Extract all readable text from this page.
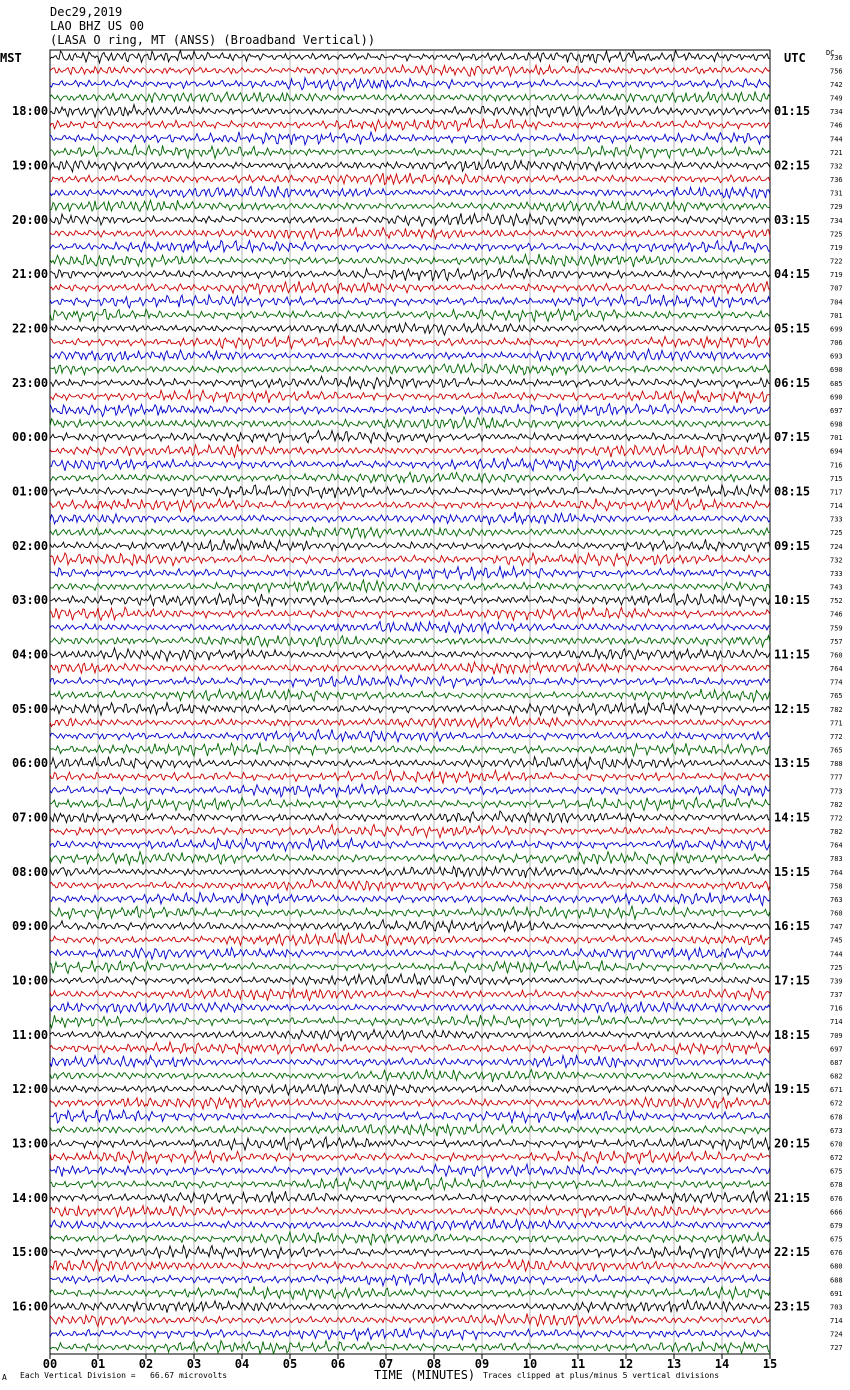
Dec29,2019
LAO BHZ US 00
(LASA O ring, MT (ANSS) (Broadband Vertical))
MST	UTC	DC
736
756
742
749
734
746
744
721
732
736
731
729
734
725
719
722
719
707
704
701
699
706
693
690
685
690
697
698
701
694
716
715
717
714
733
725
724
732
733
743
752
746
759
757
760
764
774
765
782
771
772
765
788
777
773
782
772
782
764
783
764
758
763
760
747
745
744
725
739
737
716
714
709
697
687
682
671
672
678
673
670
672
675
678
676
666
679
675
676
680
688
691
703
714
724
727
18:00	01:15
19:00	02:15
20:00	03:15
21:00	04:15
22:00	05:15
23:00	06:15
00:00	07:15
01:00	08:15
02:00	09:15
03:00	10:15
04:00	11:15
05:00	12:15
06:00	13:15
07:00	14:15
08:00	15:15
09:00	16:15
10:00	17:15
11:00	18:15
12:00	19:15
13:00	20:15
14:00	21:15
15:00	22:15
16:00	23:15
00	01	02	03	04	05	06	07	08	09	10	11	12	13	14	15
A Each Vertical Division =   66.67 microvolts	TIME (MINUTES) Traces clipped at plus/minus 5 vertical divisions
